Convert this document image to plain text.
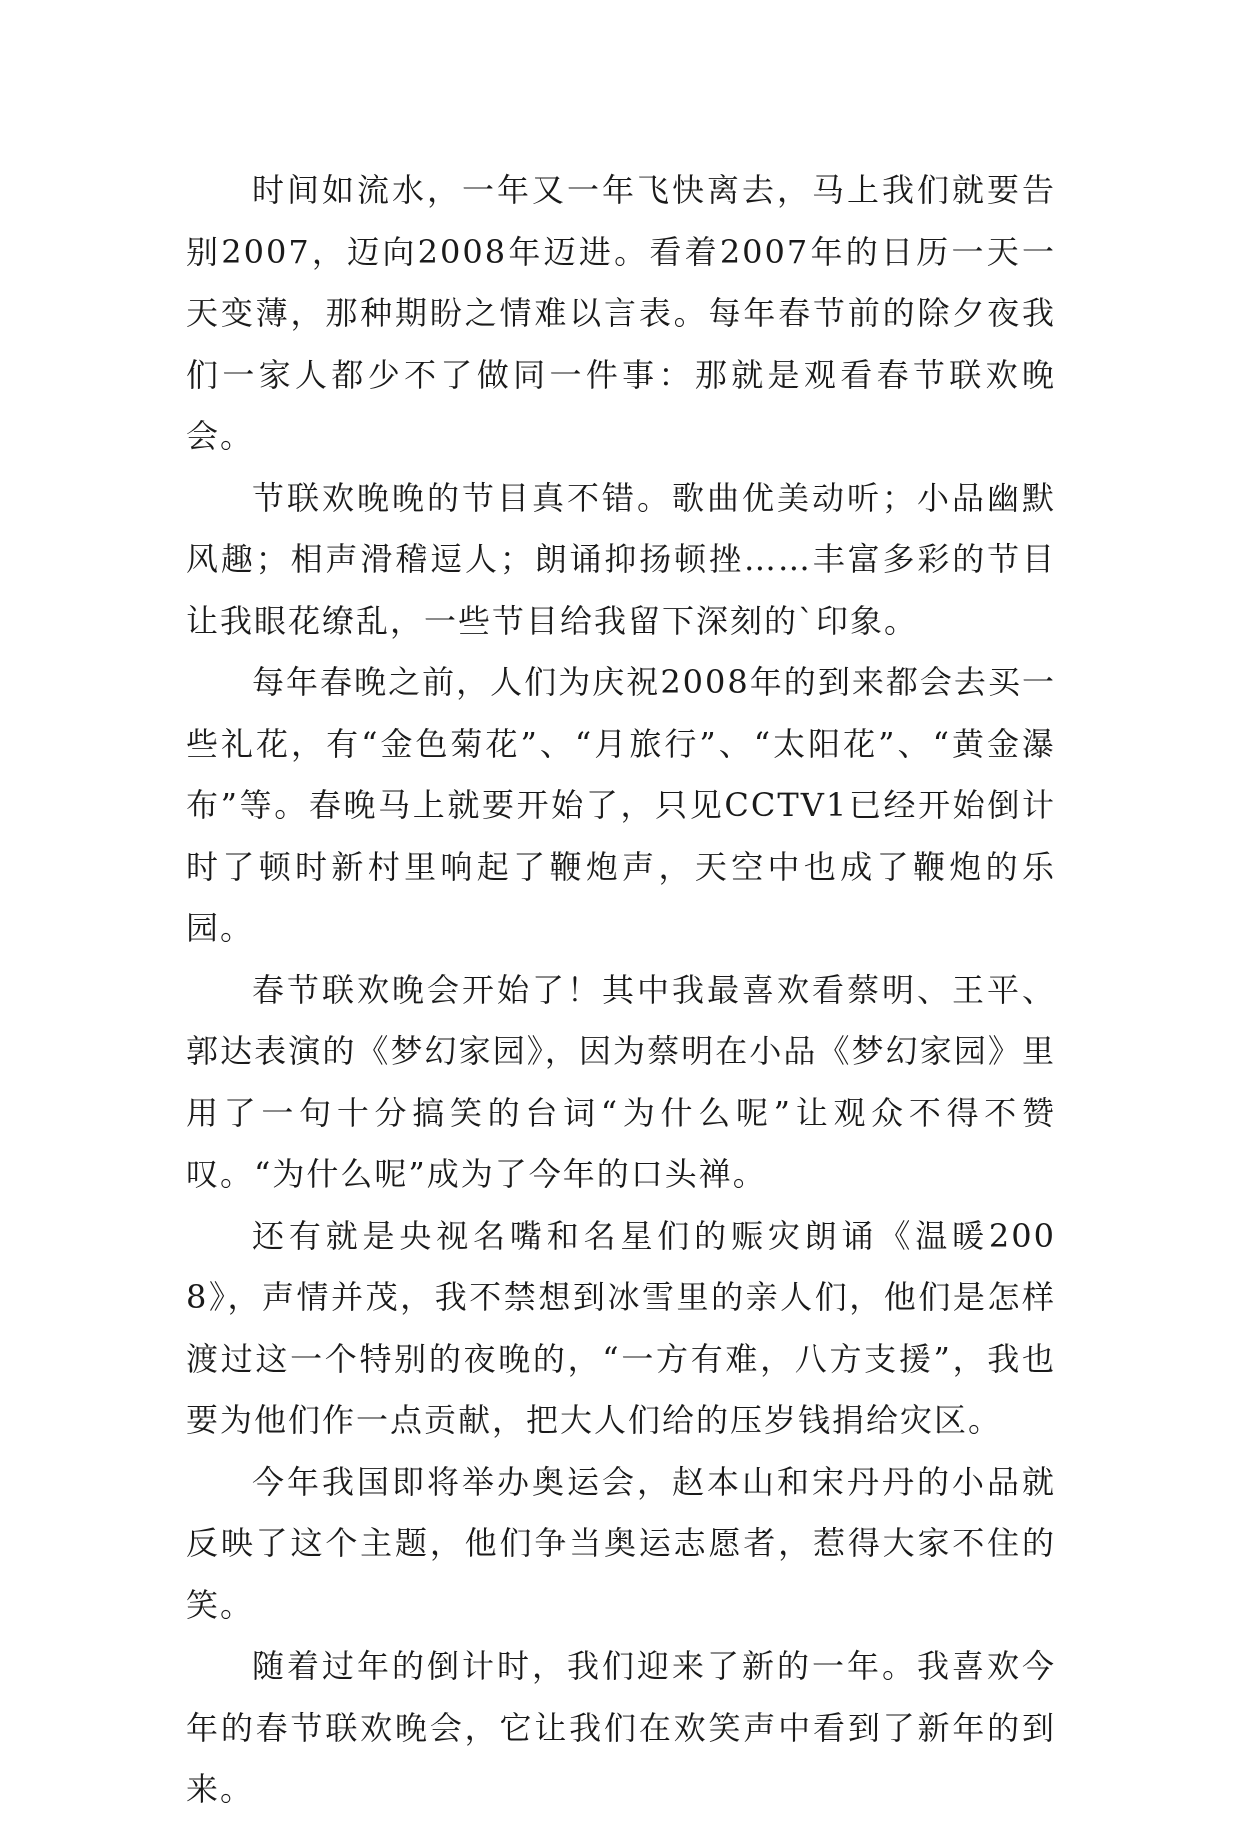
时间如流水，一年又一年飞快离去，马上我们就要告别2007，迈向2008年迈进。看着2007年的日历一天一天变薄，那种期盼之情难以言表。每年春节前的除夕夜我们一家人都少不了做同一件事：那就是观看春节联欢晚会。

节联欢晚晚的节目真不错。歌曲优美动听；小品幽默风趣；相声滑稽逗人；朗诵抑扬顿挫……丰富多彩的节目让我眼花缭乱，一些节目给我留下深刻的`印象。

每年春晚之前，人们为庆祝2008年的到来都会去买一些礼花，有“金色菊花”、“月旅行”、“太阳花”、“黄金瀑布”等。春晚马上就要开始了，只见CCTV1已经开始倒计时了顿时新村里响起了鞭炮声，天空中也成了鞭炮的乐园。

春节联欢晚会开始了！其中我最喜欢看蔡明、王平、郭达表演的《梦幻家园》，因为蔡明在小品《梦幻家园》里用了一句十分搞笑的台词“为什么呢”让观众不得不赞叹。“为什么呢”成为了今年的口头禅。

还有就是央视名嘴和名星们的赈灾朗诵《温暖2008》，声情并茂，我不禁想到冰雪里的亲人们，他们是怎样渡过这一个特别的夜晚的，“一方有难，八方支援”，我也要为他们作一点贡献，把大人们给的压岁钱捐给灾区。

今年我国即将举办奥运会，赵本山和宋丹丹的小品就反映了这个主题，他们争当奥运志愿者，惹得大家不住的笑。

随着过年的倒计时，我们迎来了新的一年。我喜欢今年的春节联欢晚会，它让我们在欢笑声中看到了新年的到来。
